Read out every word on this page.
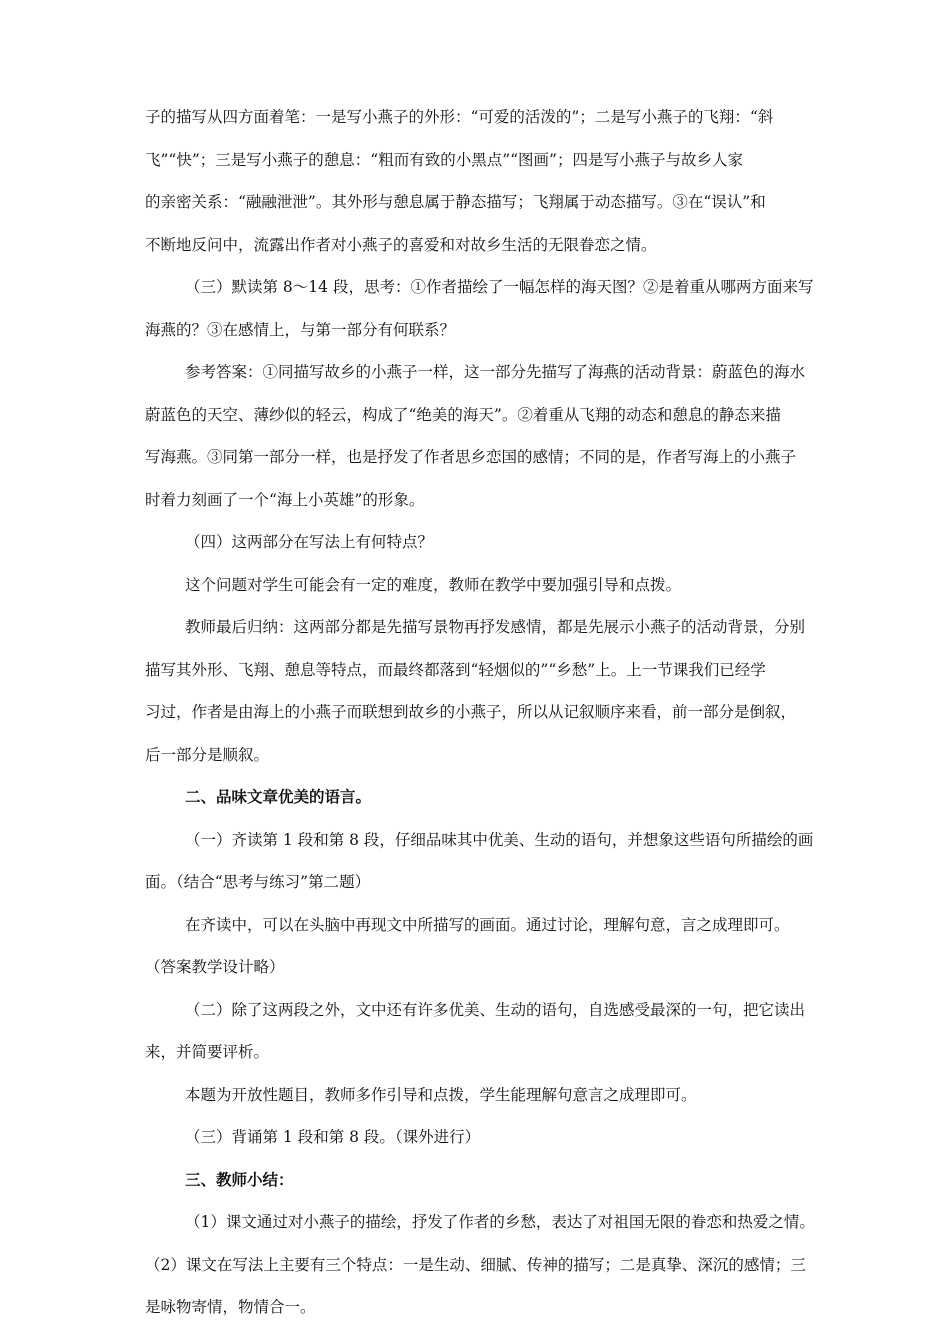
子的描写从四方面着笔：一是写小燕子的外形：“可爱的活泼的”；二是写小燕子的飞翔：“斜
飞”“快”；三是写小燕子的憩息：“粗而有致的小黑点”“图画”；四是写小燕子与故乡人家
的亲密关系：“融融泄泄”。其外形与憩息属于静态描写；飞翔属于动态描写。③在“误认”和
不断地反问中，流露出作者对小燕子的喜爱和对故乡生活的无限眷恋之情。
（三）默读第 8～14 段，思考：①作者描绘了一幅怎样的海天图？②是着重从哪两方面来写
海燕的？③在感情上，与第一部分有何联系？
参考答案：①同描写故乡的小燕子一样，这一部分先描写了海燕的活动背景：蔚蓝色的海水
蔚蓝色的天空、薄纱似的轻云，构成了“绝美的海天”。②着重从飞翔的动态和憩息的静态来描
写海燕。③同第一部分一样，也是抒发了作者思乡恋国的感情；不同的是，作者写海上的小燕子
时着力刻画了一个“海上小英雄”的形象。
（四）这两部分在写法上有何特点？
这个问题对学生可能会有一定的难度，教师在教学中要加强引导和点拨。
教师最后归纳：这两部分都是先描写景物再抒发感情，都是先展示小燕子的活动背景，分别
描写其外形、飞翔、憩息等特点，而最终都落到“轻烟似的”“乡愁”上。上一节课我们已经学
习过，作者是由海上的小燕子而联想到故乡的小燕子，所以从记叙顺序来看，前一部分是倒叙，
后一部分是顺叙。
二、品味文章优美的语言。
（一）齐读第 1 段和第 8 段，仔细品味其中优美、生动的语句，并想象这些语句所描绘的画
面。（结合“思考与练习”第二题）
在齐读中，可以在头脑中再现文中所描写的画面。通过讨论，理解句意，言之成理即可。
（答案教学设计略）
（二）除了这两段之外，文中还有许多优美、生动的语句，自选感受最深的一句，把它读出
来，并简要评析。
本题为开放性题目，教师多作引导和点拨，学生能理解句意言之成理即可。
（三）背诵第 1 段和第 8 段。（课外进行）
三、教师小结：
（1）课文通过对小燕子的描绘，抒发了作者的乡愁，表达了对祖国无限的眷恋和热爱之情。
（2）课文在写法上主要有三个特点：一是生动、细腻、传神的描写；二是真挚、深沉的感情；三
是咏物寄情，物情合一。
